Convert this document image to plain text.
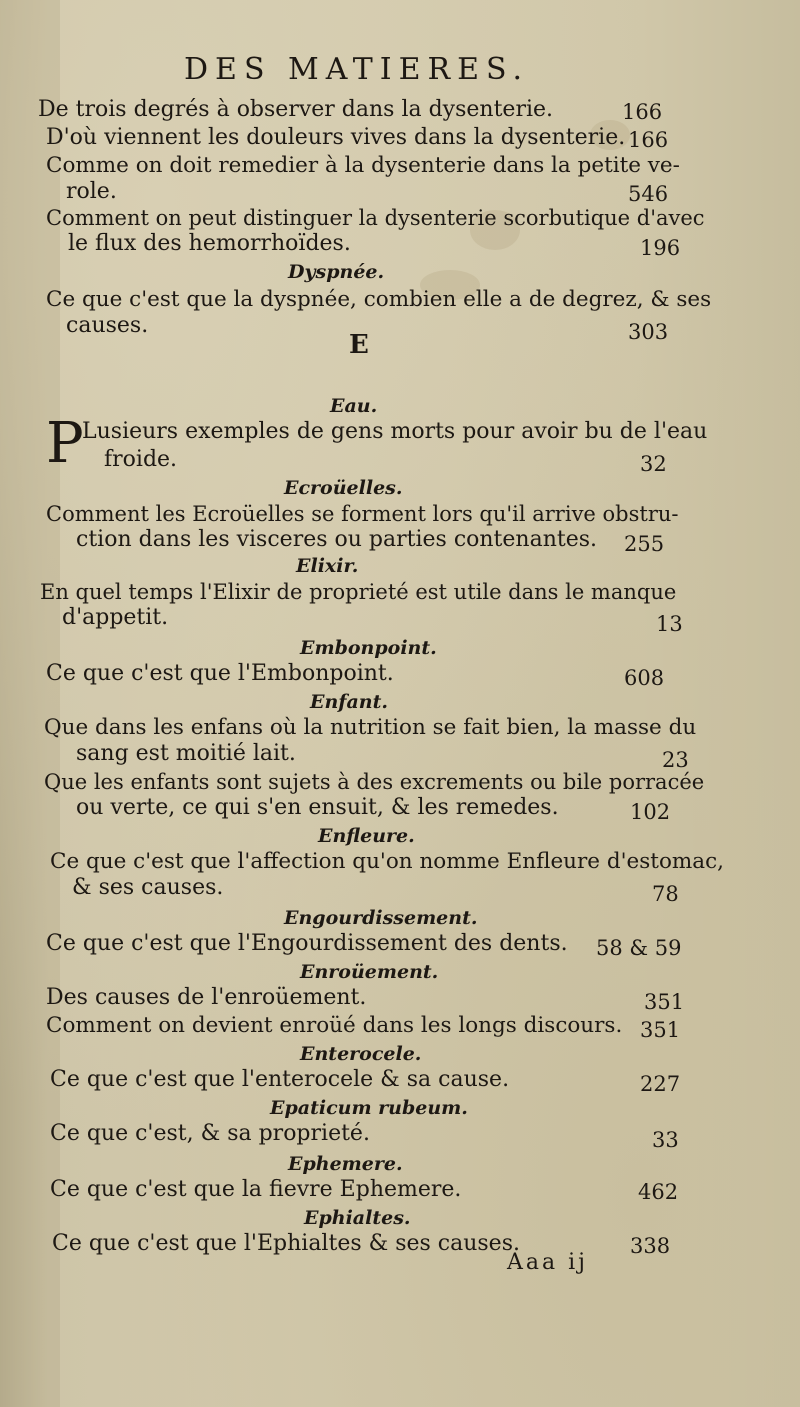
DES MATIERES.
De trois degrés à observer dans la dysenterie.	166
D'où viennent les douleurs vives dans la dysenterie. 166
Comme on doit remedier à la dysenterie dans la petite ve-
role.	546
Comment on peut distinguer la dysenterie scorbutique d'avec
le flux des hemorrhoïdes.	196
Dyspnée.
Ce que c'est que la dyspnée, combien elle a de degrez, & ses
causes.	303
E
Eau.
P
Lusieurs exemples de gens morts pour avoir bu de l'eau
froide.	32
Ecroüelles.
Comment les Ecroüelles se forment lors qu'il arrive obstru-
ction dans les visceres ou parties contenantes. 255
Elixir.
En quel temps l'Elixir de proprieté est utile dans le manque
d'appetit.	13
Embonpoint.
Ce que c'est que l'Embonpoint.	608
Enfant.
Que dans les enfans où la nutrition se fait bien, la masse du
sang est moitié lait.	23
Que les enfants sont sujets à des excrements ou bile porracée
ou verte, ce qui s'en ensuit, & les remedes.	102
Enfleure.
Ce que c'est que l'affection qu'on nomme Enfleure d'estomac,
& ses causes.	78
Engourdissement.
Ce que c'est que l'Engourdissement des dents. 58 & 59
Enroüement.
Des causes de l'enroüement.	351
Comment on devient enroüé dans les longs discours. 351
Enterocele.
Ce que c'est que l'enterocele & sa cause.	227
Epaticum rubeum.
Ce que c'est, & sa proprieté.	33
Ephemere.
Ce que c'est que la fievre Ephemere.	462
Ephialtes.
Ce que c'est que l'Ephialtes & ses causes.	338
Aaa ij
